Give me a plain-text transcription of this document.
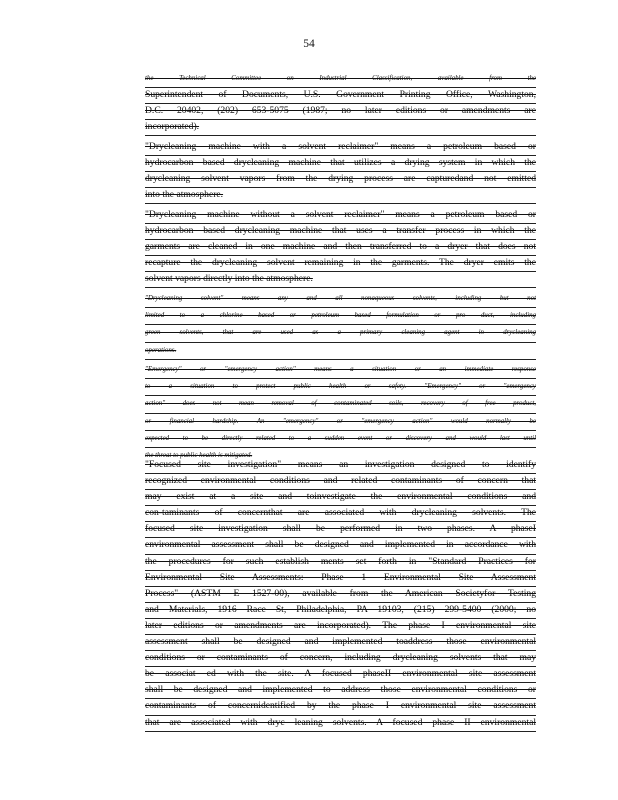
54
the Technical Committee on Industrial Classification, available from the
Superintendent of Documents, U.S. Government Printing Office, Washington,
D.C. 20402, (202) 653-5075 (1987; no later editions or amendments are
incorporated).
"Drycleaning machine with a solvent reclaimer" means a petroleum based or
hydrocarbon based drycleaning machine that utilizes a drying system in which the
drycleaning solvent vapors from the drying process are capturedand not emitted
into the atmosphere.
"Drycleaning machine without a solvent reclaimer" means a petroleum based or
hydrocarbon based drycleaning machine that uses a transfer process in which the
garments are cleaned in one machine and then transferred to a dryer that does not
recapture the drycleaning solvent remaining in the garments. The dryer emits the
solvent vapors directly into the atmosphere.
"Drycleaning solvent" means any and all nonaqueous solvents, including but not
limited to a chlorine based or petroleum based formulation or pro duct, including
green solvents, that are used as a primary cleaning agent in drycleaning
operations.
"Emergency" or "emergency action" means a situation or an immediate response
to a situation to protect public health or safety. "Emergency" or "emergency
action" does not mean removal of contaminated soils, recovery of free product,
or financial hardship. An "emergency" or "emergency action" would normally be
expected to be directly related to a sudden event or discovery and would last until
the threat to public health is mitigated.
"Focused site investigation" means an investigation designed to identify
recognized environmental conditions and related contaminants of concern that
may exist at a site and toinvestigate the environmental conditions and
con-taminants of concernthat are associated with drycleaning solvents. The
focused site investigation shall be performed in two phases. A phaseI
environmental assessment shall be designed and implemented in accordance with
the procedures for such establish ments set forth in "Standard Practices for
Environmental Site Assessments: Phase 1 Environmental Site Assessment
Process" (ASTM E 1527-00), available from the American Societyfor Testing
and Materials, 1916 Race St, Philadelphia, PA 19103, (215) 299-5400 (2000; no
later editions or amendments are incorporated). The phase I environmental site
assessment shall be designed and implemented toaddress those environmental
conditions or contaminants of concern, including drycleaning solvents that may
be associat ed with the site. A focused phaseII environmental site assessment
shall be designed and implemented to address those environmental conditions or
contaminants of concernidentified by the phase I environmental site assessment
that are associated with dryc leaning solvents. A focused phase II environmental
